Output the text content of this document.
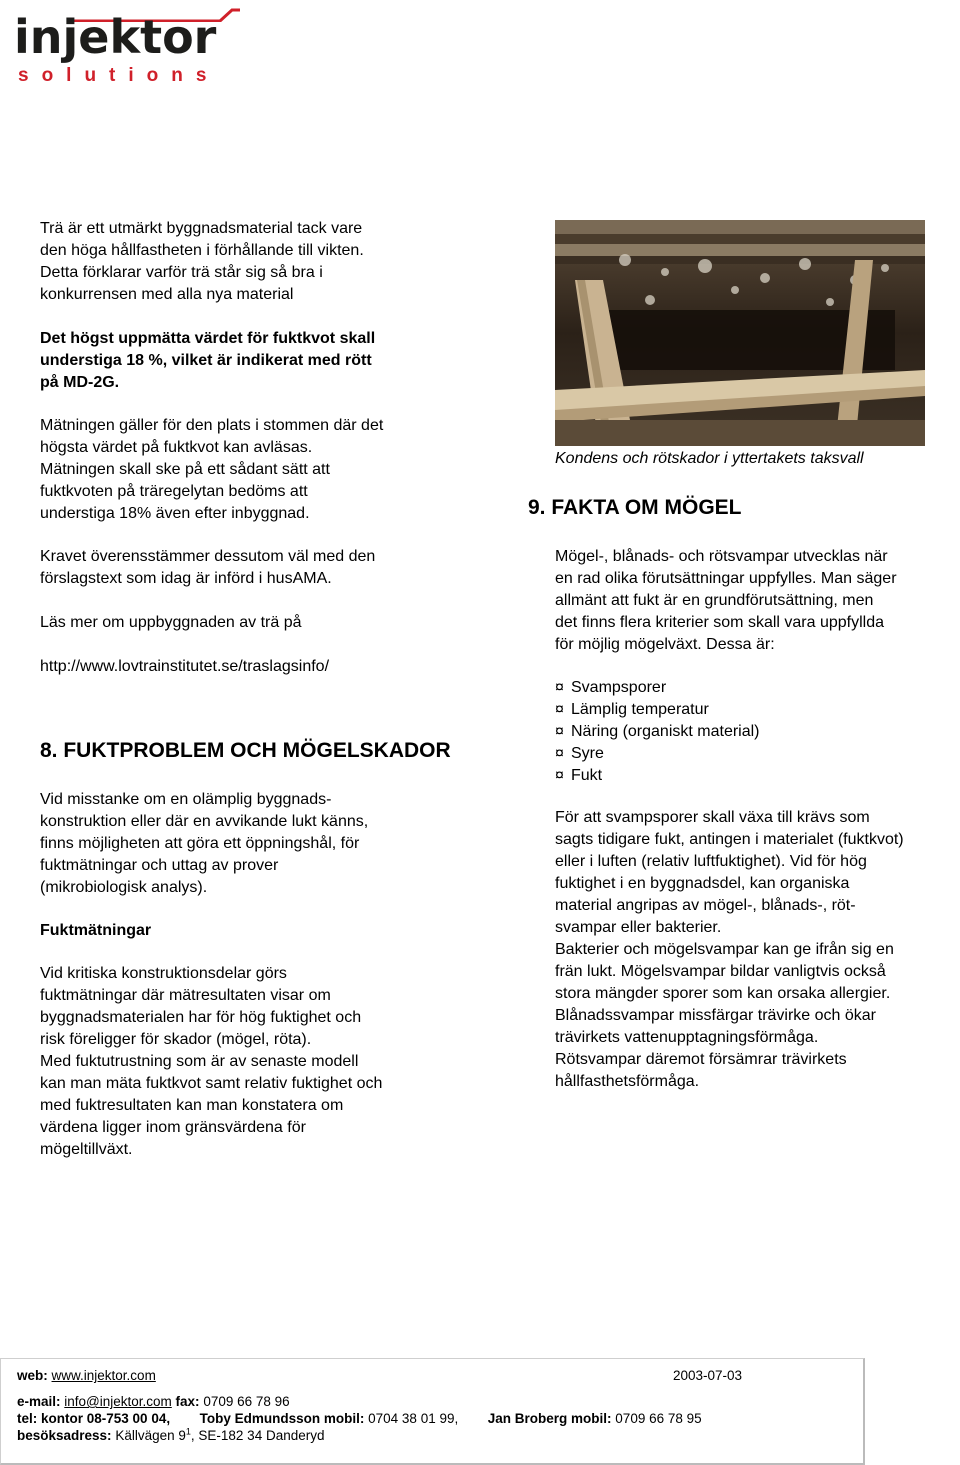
injektor
solutions

Trä är ett utmärkt byggnadsmaterial tack vare

den höga hållfastheten i förhållande till vikten.

Detta förklarar varför trä står sig så bra i

konkurrensen med alla nya material

Det högst uppmätta värdet för fuktkvot skall

understiga 18 %, vilket är indikerat med rött

på MD-2G.

Mätningen gäller för den plats i stommen där det

högsta värdet på fuktkvot kan avläsas.

Mätningen skall ske på ett sådant sätt att

fuktkvoten på träregelytan bedöms att

understiga 18% även efter inbyggnad.

Kravet överensstämmer dessutom väl med den

förslagstext som idag är införd i husAMA.

Läs mer om uppbyggnaden av trä på
http://www.lovtrainstitutet.se/traslagsinfo/
8. FUKTPROBLEM OCH MÖGELSKADOR

Vid misstanke om en olämplig byggnads-

konstruktion eller där en avvikande lukt känns,

finns möjligheten att göra ett öppningshål, för

fuktmätningar och uttag av prover

(mikrobiologisk analys).

Fuktmätningar

Vid kritiska konstruktionsdelar görs

fuktmätningar där mätresultaten visar om

byggnadsmaterialen har för hög fuktighet och

risk föreligger för skador (mögel, röta).

Med fuktutrustning som är av senaste modell

kan man mäta fuktkvot samt relativ fuktighet och

med fuktresultaten kan man konstatera om

värdena ligger inom gränsvärdena för

mögeltillväxt.

Kondens och rötskador i yttertakets taksvall
9. FAKTA OM MÖGEL

Mögel-, blånads- och rötsvampar utvecklas när

en rad olika förutsättningar uppfylles. Man säger

allmänt att fukt är en grundförutsättning, men

det finns flera kriterier som skall vara uppfyllda

för möjlig mögelväxt. Dessa är:

¤ Svampsporer
¤ Lämplig temperatur
¤ Näring (organiskt material)
¤ Syre
¤ Fukt

För att svampsporer skall växa till krävs som

sagts tidigare fukt, antingen i materialet (fuktkvot)

eller i luften (relativ luftfuktighet). Vid för hög

fuktighet i en byggnadsdel, kan organiska

material angripas av mögel-, blånads-, röt-

svampar eller bakterier.

Bakterier och mögelsvampar kan ge ifrån sig en

frän lukt. Mögelsvampar bildar vanligtvis också

stora mängder sporer som kan orsaka allergier.

Blånadssvampar missfärgar trävirke och ökar

trävirkets vattenupptagningsförmåga.

Rötsvampar däremot försämrar trävirkets

hållfasthetsförmåga.

web: www.injektor.com	2003-07-03
e-mail: info@injektor.com fax: 0709 66 78 96
tel: kontor 08-753 00 04, Toby Edmundsson mobil: 0704 38 01 99, Jan Broberg mobil: 0709 66 78 95
besöksadress: Källvägen $9^1$, SE-182 34 Danderyd
